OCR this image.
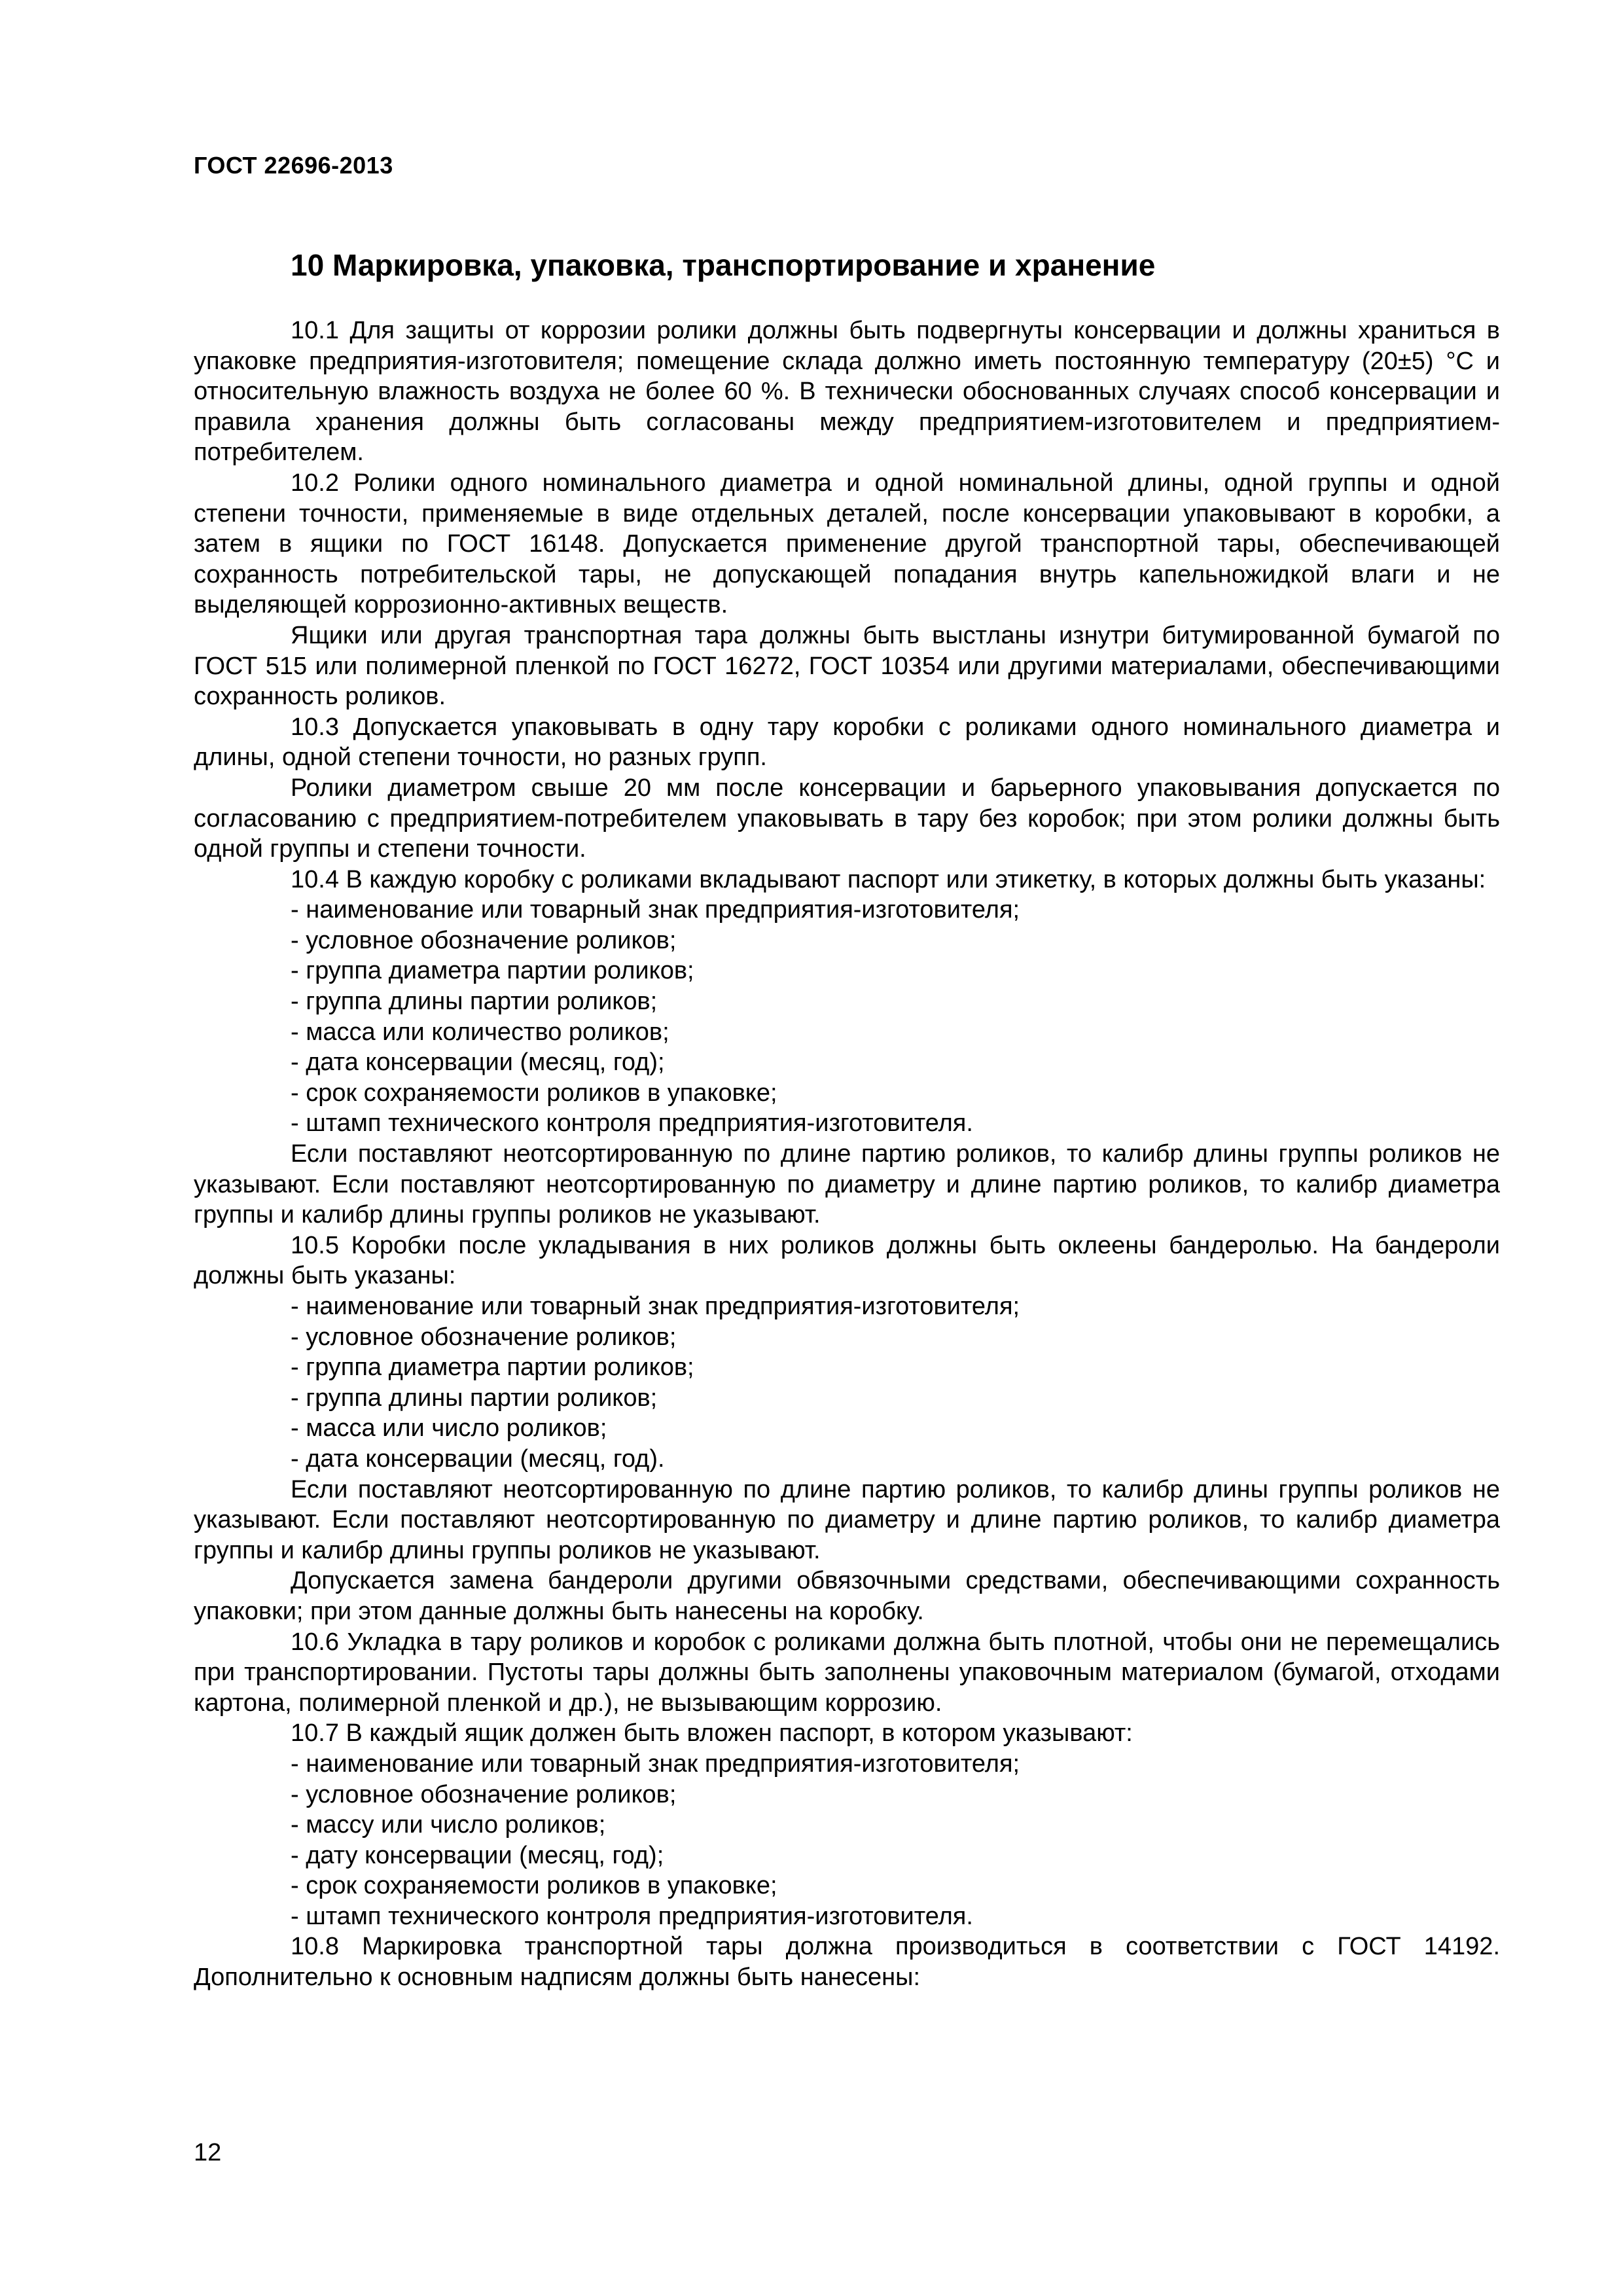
ГОСТ 22696-2013
10 Маркировка, упаковка, транспортирование и хранение

10.1 Для защиты от коррозии ролики должны быть подвергнуты консервации и должны храниться в упаковке предприятия-изготовителя; помещение склада должно иметь постоянную температуру (20±5) °С и относительную влажность воздуха не более 60 %. В технически обоснованных случаях способ консервации и правила хранения должны быть согласованы между предприятием-изготовителем и предприятием-потребителем.

10.2 Ролики одного номинального диаметра и одной номинальной длины, одной группы и одной степени точности, применяемые в виде отдельных деталей, после консервации упаковывают в коробки, а затем в ящики по ГОСТ 16148. Допускается применение другой транспортной тары, обеспечивающей сохранность потребительской тары, не допускающей попадания внутрь капельножидкой влаги и не выделяющей коррозионно-активных веществ.

Ящики или другая транспортная тара должны быть выстланы изнутри битумированной бумагой по ГОСТ 515 или полимерной пленкой по ГОСТ 16272, ГОСТ 10354 или другими материалами, обеспечивающими сохранность роликов.

10.3 Допускается упаковывать в одну тару коробки с роликами одного номинального диаметра и длины, одной степени точности, но разных групп.

Ролики диаметром свыше 20 мм после консервации и барьерного упаковывания допускается по согласованию с предприятием-потребителем упаковывать в тару без коробок; при этом ролики должны быть одной группы и степени точности.

10.4 В каждую коробку с роликами вкладывают паспорт или этикетку, в которых должны быть указаны:

- наименование или товарный знак предприятия-изготовителя;
- условное обозначение роликов;
- группа диаметра партии роликов;
- группа длины партии роликов;
- масса или количество роликов;
- дата консервации (месяц, год);
- срок сохраняемости роликов в упаковке;
- штамп технического контроля предприятия-изготовителя.

Если поставляют неотсортированную по длине партию роликов, то калибр длины группы роликов не указывают. Если поставляют неотсортированную по диаметру и длине партию роликов, то калибр диаметра группы и калибр длины группы роликов не указывают.

10.5 Коробки после укладывания в них роликов должны быть оклеены бандеролью. На бандероли должны быть указаны:

- наименование или товарный знак предприятия-изготовителя;
- условное обозначение роликов;
- группа диаметра партии роликов;
- группа длины партии роликов;
- масса или число роликов;
- дата консервации (месяц, год).

Если поставляют неотсортированную по длине партию роликов, то калибр длины группы роликов не указывают. Если поставляют неотсортированную по диаметру и длине партию роликов, то калибр диаметра группы и калибр длины группы роликов не указывают.

Допускается замена бандероли другими обвязочными средствами, обеспечивающими сохранность упаковки; при этом данные должны быть нанесены на коробку.

10.6 Укладка в тару роликов и коробок с роликами должна быть плотной, чтобы они не перемещались при транспортировании. Пустоты тары должны быть заполнены упаковочным материалом (бумагой, отходами картона, полимерной пленкой и др.), не вызывающим коррозию.

10.7 В каждый ящик должен быть вложен паспорт, в котором указывают:

- наименование или товарный знак предприятия-изготовителя;
- условное обозначение роликов;
- массу или число роликов;
- дату консервации (месяц, год);
- срок сохраняемости роликов в упаковке;
- штамп технического контроля предприятия-изготовителя.

10.8 Маркировка транспортной тары должна производиться в соответствии с ГОСТ 14192. Дополнительно к основным надписям должны быть нанесены:

12
